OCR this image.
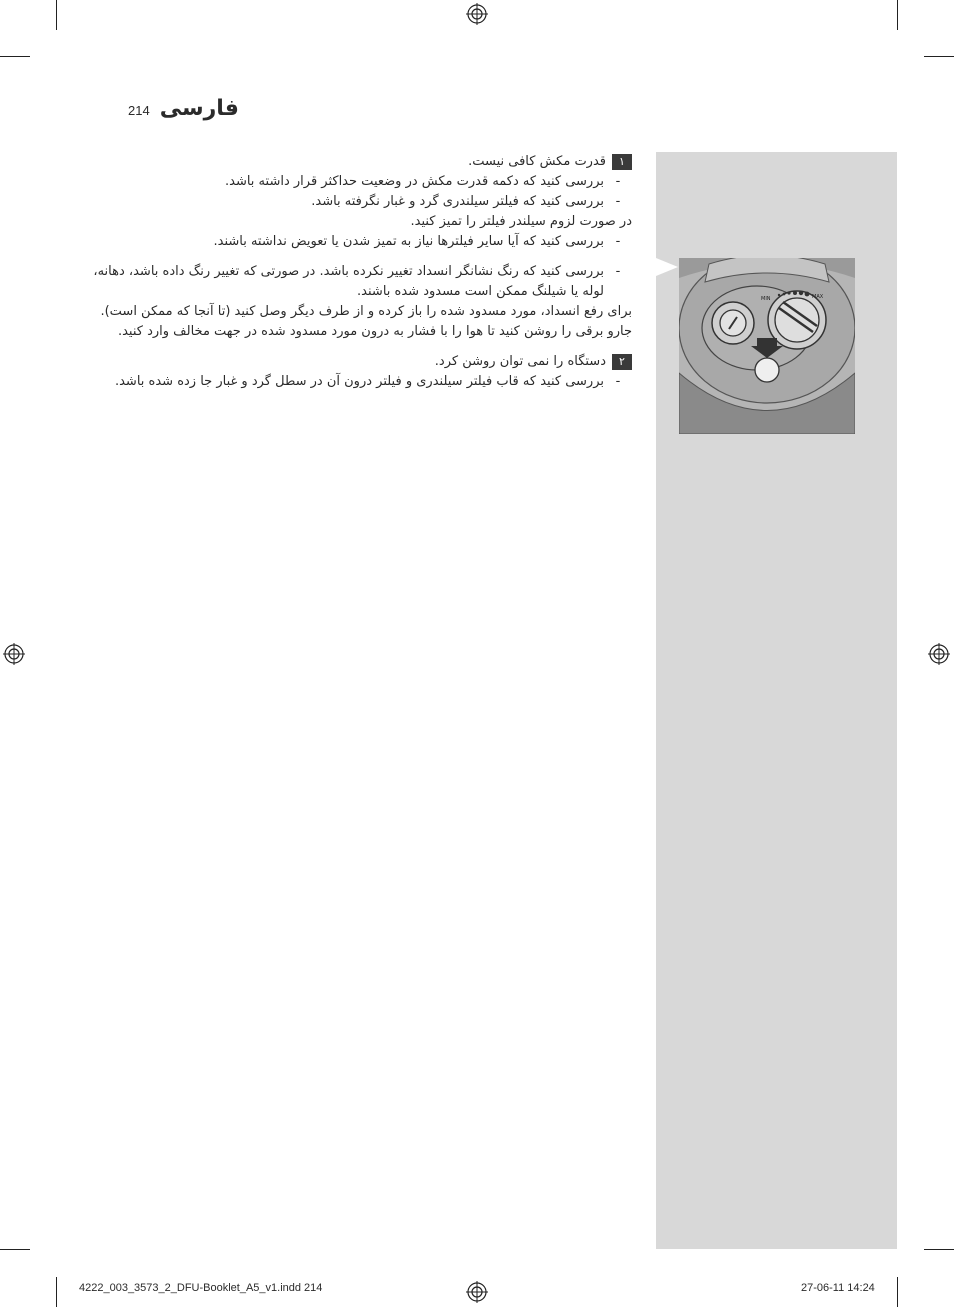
214 فارسی
۱
قدرت مکش کافی نیست.
-
بررسی کنید که دکمه قدرت مکش در وضعیت حداکثر قرار داشته باشد.
-
بررسی کنید که فیلتر سیلندری گرد و غبار نگرفته باشد.

در صورت لزوم سیلندر فیلتر را تمیز کنید.

-
بررسی کنید که آیا سایر فیلترها نیاز به تمیز شدن یا تعویض نداشته باشند.
-
بررسی کنید که رنگ نشانگر انسداد تغییر نکرده باشد. در صورتی که تغییر رنگ داده باشد، دهانه، لوله یا شیلنگ ممکن است مسدود شده باشند.

برای رفع انسداد، مورد مسدود شده را باز کرده و از طرف دیگر وصل کنید (تا آنجا که ممکن است). جارو برقی را روشن کنید تا هوا را با فشار به درون مورد مسدود شده در جهت مخالف وارد کنید.

۲
دستگاه را نمی توان روشن کرد.
-
بررسی کنید که قاب فیلتر سیلندری و فیلتر درون آن در سطل گرد و غبار جا زده شده باشد.
MIN	MAX
4222_003_3573_2_DFU-Booklet_A5_v1.indd 214	27-06-11 14:24
